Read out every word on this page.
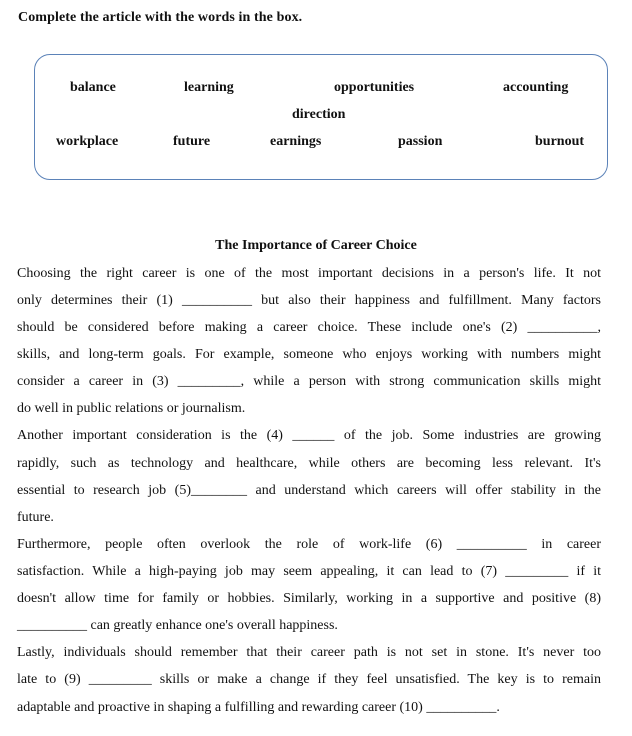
Complete the article with the words in the box.
balance	learning	opportunities	accounting
direction
workplace	future	earnings	passion	burnout
The Importance of Career Choice
Choosing the right career is one of the most important decisions in a person's life. It not
only determines their (1) __________ but also their happiness and fulfillment. Many factors
should be considered before making a career choice. These include one's (2) __________,
skills, and long-term goals. For example, someone who enjoys working with numbers might
consider a career in (3) _________, while a person with strong communication skills might
do well in public relations or journalism.
Another important consideration is the (4) ______ of the job. Some industries are growing
rapidly, such as technology and healthcare, while others are becoming less relevant. It's
essential to research job (5)________ and understand which careers will offer stability in the
future.
Furthermore, people often overlook the role of work-life (6) __________ in career
satisfaction. While a high-paying job may seem appealing, it can lead to (7) _________ if it
doesn't allow time for family or hobbies. Similarly, working in a supportive and positive (8)
__________ can greatly enhance one's overall happiness.
Lastly, individuals should remember that their career path is not set in stone. It's never too
late to (9) _________ skills or make a change if they feel unsatisfied. The key is to remain
adaptable and proactive in shaping a fulfilling and rewarding career (10) __________.
